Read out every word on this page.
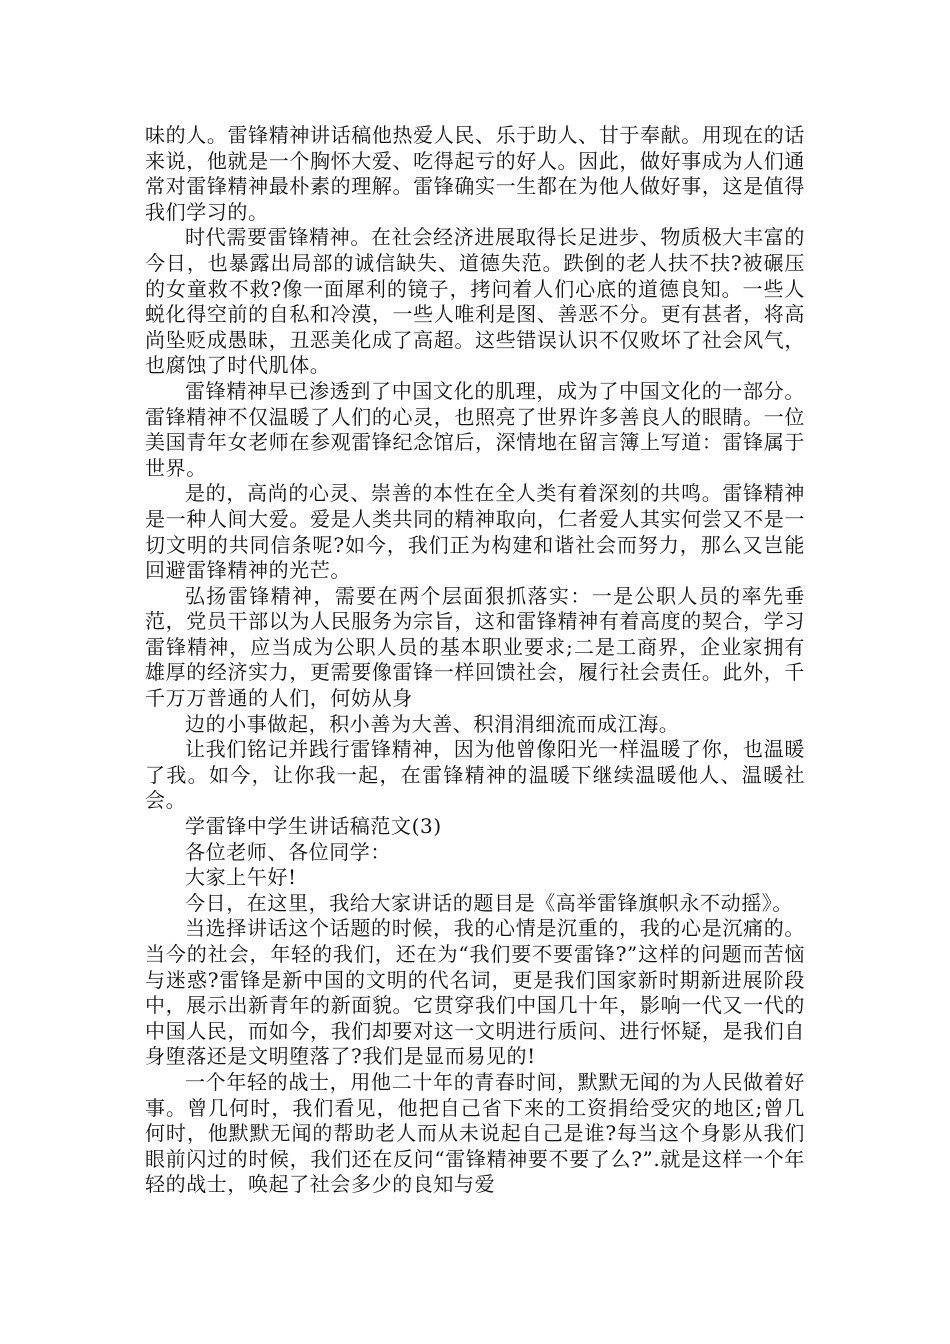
味的人。雷锋精神讲话稿他热爱人民、乐于助人、甘于奉献。用现在的话来说，他就是一个胸怀大爱、吃得起亏的好人。因此，做好事成为人们通常对雷锋精神最朴素的理解。雷锋确实一生都在为他人做好事，这是值得我们学习的。

时代需要雷锋精神。在社会经济进展取得长足进步、物质极大丰富的今日，也暴露出局部的诚信缺失、道德失范。跌倒的老人扶不扶?被碾压的女童救不救?像一面犀利的镜子，拷问着人们心底的道德良知。一些人蜕化得空前的自私和冷漠，一些人唯利是图、善恶不分。更有甚者，将高尚坠贬成愚昧，丑恶美化成了高超。这些错误认识不仅败坏了社会风气，也腐蚀了时代肌体。

雷锋精神早已渗透到了中国文化的肌理，成为了中国文化的一部分。雷锋精神不仅温暖了人们的心灵，也照亮了世界许多善良人的眼睛。一位美国青年女老师在参观雷锋纪念馆后，深情地在留言簿上写道：雷锋属于世界。

是的，高尚的心灵、崇善的本性在全人类有着深刻的共鸣。雷锋精神是一种人间大爱。爱是人类共同的精神取向，仁者爱人其实何尝又不是一切文明的共同信条呢?如今，我们正为构建和谐社会而努力，那么又岂能回避雷锋精神的光芒。

弘扬雷锋精神，需要在两个层面狠抓落实：一是公职人员的率先垂范，党员干部以为人民服务为宗旨，这和雷锋精神有着高度的契合，学习雷锋精神，应当成为公职人员的基本职业要求;二是工商界，企业家拥有雄厚的经济实力，更需要像雷锋一样回馈社会，履行社会责任。此外，千千万万普通的人们，何妨从身

边的小事做起，积小善为大善、积涓涓细流而成江海。

让我们铭记并践行雷锋精神，因为他曾像阳光一样温暖了你，也温暖了我。如今，让你我一起，在雷锋精神的温暖下继续温暖他人、温暖社会。

学雷锋中学生讲话稿范文(3)

各位老师、各位同学：

大家上午好!

今日，在这里，我给大家讲话的题目是《高举雷锋旗帜永不动摇》。

当选择讲话这个话题的时候，我的心情是沉重的，我的心是沉痛的。当今的社会，年轻的我们，还在为“我们要不要雷锋?”这样的问题而苦恼与迷惑?雷锋是新中国的文明的代名词，更是我们国家新时期新进展阶段中，展示出新青年的新面貌。它贯穿我们中国几十年，影响一代又一代的中国人民，而如今，我们却要对这一文明进行质问、进行怀疑，是我们自身堕落还是文明堕落了?我们是显而易见的!

一个年轻的战士，用他二十年的青春时间，默默无闻的为人民做着好事。曾几何时，我们看见，他把自己省下来的工资捐给受灾的地区;曾几何时，他默默无闻的帮助老人而从未说起自己是谁?每当这个身影从我们眼前闪过的时候，我们还在反问“雷锋精神要不要了么?”.就是这样一个年轻的战士，唤起了社会多少的良知与爱
